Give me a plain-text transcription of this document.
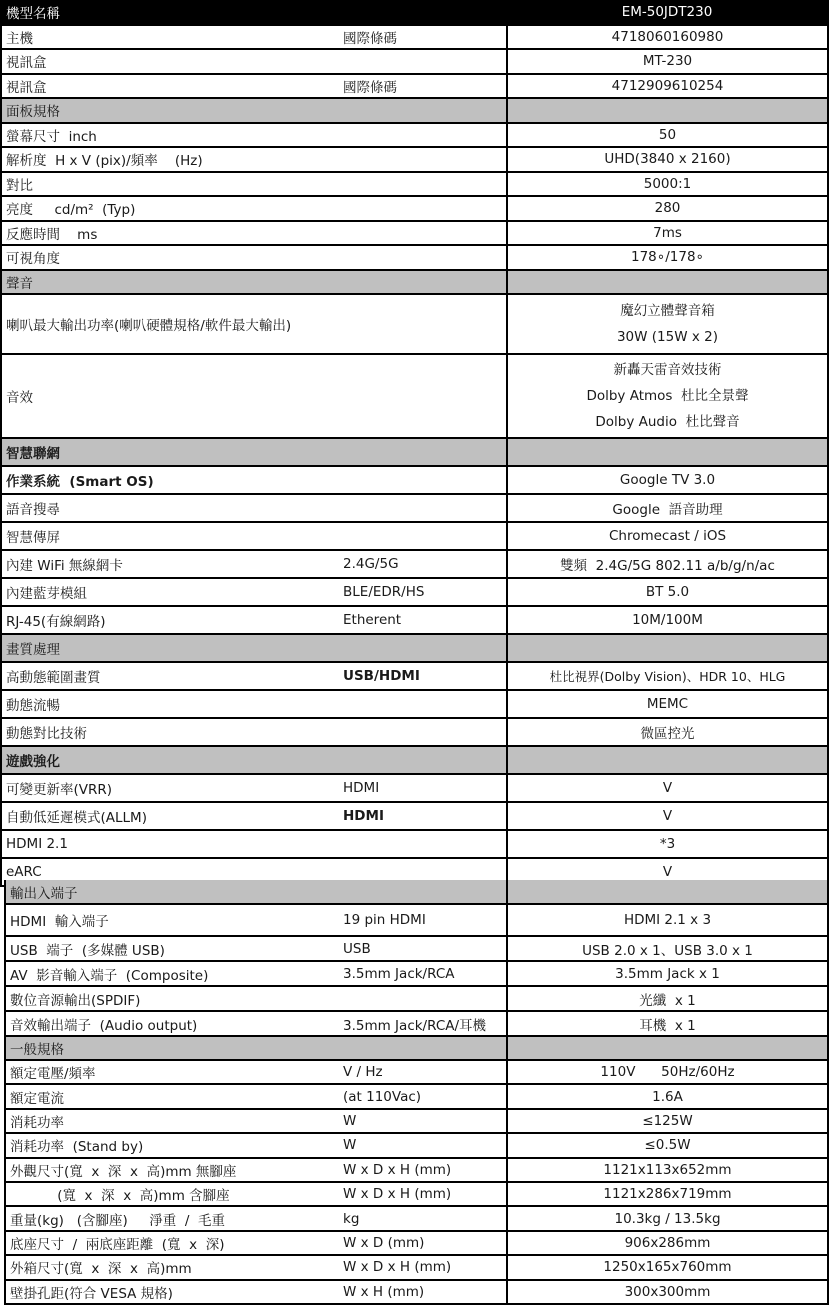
機型名稱		EM-50JDT230
主機	國際條碼	4718060160980
視訊盒		MT-230
視訊盒	國際條碼	4712909610254
面板規格		
螢幕尺寸  inch		50
解析度  H x V (pix)/頻率    (Hz)		UHD(3840 x 2160)
對比		5000:1
亮度     cd/m²  (Typ)		280
反應時間    ms		7ms
可視角度		178∘/178∘
聲音		
喇叭最大輸出功率(喇叭硬體規格/軟件最大輸出)		魔幻立體聲音箱
30W (15W x 2)

音效		新轟天雷音效技術
Dolby Atmos  杜比全景聲
Dolby Audio  杜比聲音

智慧聯網		
作業系統  (Smart OS)		Google TV 3.0
語音搜尋		Google  語音助理
智慧傳屏		Chromecast / iOS
內建 WiFi 無線網卡	2.4G/5G	雙頻  2.4G/5G 802.11 a/b/g/n/ac
內建藍芽模組	BLE/EDR/HS	BT 5.0
RJ-45(有線網路)	Etherent	10M/100M
畫質處理		
高動態範圍畫質	USB/HDMI	杜比視界(Dolby Vision)、HDR 10、HLG
動態流暢		MEMC
動態對比技術		微區控光
遊戲強化		
可變更新率(VRR)	HDMI	V
自動低延遲模式(ALLM)	HDMI	V
HDMI 2.1		*3
eARC		V
輸出入端子		
HDMI  輸入端子	19 pin HDMI	HDMI 2.1 x 3
USB  端子  (多媒體 USB)	USB	USB 2.0 x 1、USB 3.0 x 1
AV  影音輸入端子  (Composite)	3.5mm Jack/RCA	3.5mm Jack x 1
數位音源輸出(SPDIF)		光纖  x 1
音效輸出端子  (Audio output)	3.5mm Jack/RCA/耳機	耳機  x 1
一般規格		
額定電壓/頻率	V / Hz	110V      50Hz/60Hz
額定電流	(at 110Vac)	1.6A
消耗功率	W	≤125W
消耗功率  (Stand by)	W	≤0.5W
外觀尺寸(寬  x  深  x  高)mm 無腳座	W x D x H (mm)	1121x113x652mm
(寬  x  深  x  高)mm 含腳座	W x D x H (mm)	1121x286x719mm
重量(kg)   (含腳座)     淨重  /  毛重	kg	10.3kg / 13.5kg
底座尺寸  /  兩底座距離  (寬  x  深)	W x D (mm)	906x286mm
外箱尺寸(寬  x  深  x  高)mm	W x D x H (mm)	1250x165x760mm
壁掛孔距(符合 VESA 規格)	W x H (mm)	300x300mm
